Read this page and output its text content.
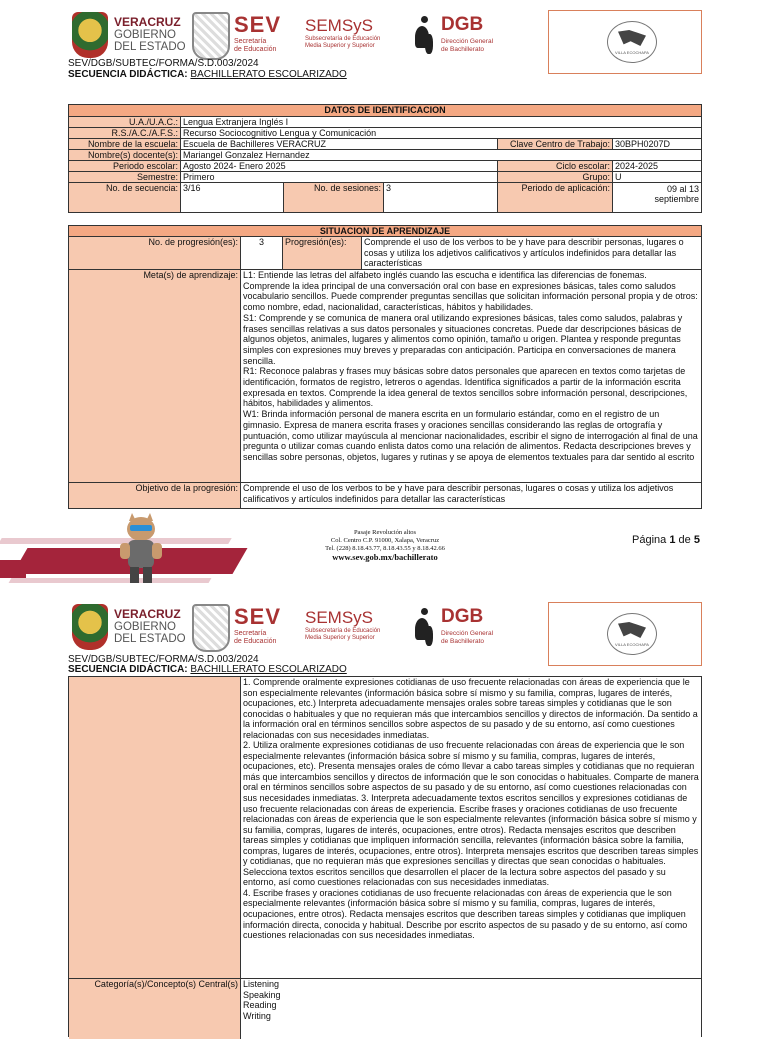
VERACRUZ
GOBIERNO
DEL ESTADO
SEV
Secretaría
de Educación
SEMSyS
Subsecretaría de Educación
Media Superior y Superior
DGB
Dirección General
de Bachillerato	VILLA ECOCHAPA
SEV/DGB/SUBTEC/FORMA/S.D.003/2024
SECUENCIA DIDÁCTICA: BACHILLERATO ESCOLARIZADO
DATOS DE IDENTIFICACION
U.A./U.A.C.: Lengua Extranjera Inglés I
R.S./A.C./A.F.S.: Recurso Sociocognitivo Lengua y Comunicación
Nombre de la escuela: Escuela de Bachilleres VERACRUZ	Clave Centro de Trabajo: 30BPH0207D
Nombre(s) docente(s): Mariangel Gonzalez Hernandez
Periodo escolar: Agosto 2024- Enero 2025	Ciclo escolar: 2024-2025
Semestre: Primero	Grupo: U
No. de secuencia: 3/16	No. de sesiones: 3	Periodo de aplicación:	09 al 13
septiembre
SITUACION DE APRENDIZAJE
No. de progresión(es):	3	Progresión(es):	Comprende el uso de los verbos to be y have para describir personas, lugares o cosas y utiliza los adjetivos calificativos y artículos indefinidos para detallar las características
Meta(s) de aprendizaje: L1: Entiende las letras del alfabeto inglés cuando las escucha e identifica las diferencias de fonemas.
Comprende la idea principal de una conversación oral con base en expresiones básicas, tales como saludos vocabulario sencillos. Puede comprender preguntas sencillas que solicitan información personal propia y de otros: como nombre, edad, nacionalidad, características, hábitos y habilidades.
S1: Comprende y se comunica de manera oral utilizando expresiones básicas, tales como saludos, palabras y frases sencillas relativas a sus datos personales y situaciones concretas. Puede dar descripciones básicas de algunos objetos, animales, lugares y alimentos como opinión, tamaño u origen. Plantea y responde preguntas simples con expresiones muy breves y preparadas con anticipación. Participa en conversaciones de manera sencilla.
R1: Reconoce palabras y frases muy básicas sobre datos personales que aparecen en textos como tarjetas de identificación, formatos de registro, letreros o agendas. Identifica significados a partir de la información escrita expresada en textos. Comprende la idea general de textos sencillos sobre información personal, descripciones, hábitos, habilidades y alimentos.
W1: Brinda información personal de manera escrita en un formulario estándar, como en el registro de un gimnasio. Expresa de manera escrita frases y oraciones sencillas considerando las reglas de ortografía y puntuación, como utilizar mayúscula al mencionar nacionalidades, escribir el signo de interrogación al final de una pregunta o utilizar comas cuando enlista datos como una relación de alimentos. Redacta descripciones breves y sencillas sobre personas, objetos, lugares y rutinas y se apoya de elementos textuales para dar sentido al escrito
Objetivo de la progresión: Comprende el uso de los verbos to be y have para describir personas, lugares o cosas y utiliza los adjetivos calificativos y artículos indefinidos para detallar las características
Pasaje Revolución altos
Col. Centro C.P. 91000, Xalapa, Veracruz
Tel. (228) 8.18.43.77, 8.18.43.55 y 8.18.42.66
www.sev.gob.mx/bachillerato
Página 1 de 5
VERACRUZ
GOBIERNO
DEL ESTADO
SEV
Secretaría
de Educación
SEMSyS
Subsecretaría de Educación
Media Superior y Superior
DGB
Dirección General
de Bachillerato	VILLA ECOCHAPA
SEV/DGB/SUBTEC/FORMA/S.D.003/2024
SECUENCIA DIDÁCTICA: BACHILLERATO ESCOLARIZADO
1. Comprende oralmente expresiones cotidianas de uso frecuente relacionadas con áreas de experiencia que le son especialmente relevantes (información básica sobre sí mismo y su familia, compras, lugares de interés, ocupaciones, etc.) Interpreta adecuadamente mensajes orales sobre tareas simples y cotidianas que le son conocidas o habituales y que no requieran más que intercambios sencillos y directos de información. Da sentido a la información oral en términos sencillos sobre aspectos de su pasado y de su entorno, así como cuestiones relacionadas con sus necesidades inmediatas.
2. Utiliza oralmente expresiones cotidianas de uso frecuente relacionadas con áreas de experiencia que le son especialmente relevantes (información básica sobre sí mismo y su familia, compras, lugares de interés, ocupaciones, etc). Presenta mensajes orales de cómo llevar a cabo tareas simples y cotidianas que no requieran más que intercambios sencillos y directos de información que le son conocidas o habituales. Comparte de manera oral en términos sencillos sobre aspectos de su pasado y de su entorno, así como cuestiones relacionadas con sus necesidades inmediatas. 3. Interpreta adecuadamente textos escritos sencillos y expresiones cotidianas de uso frecuente relacionadas con áreas de experiencia. Escribe frases y oraciones cotidianas de uso frecuente relacionadas con áreas de experiencia que le son especialmente relevantes (información básica sobre sí mismo y su familia, compras, lugares de interés, ocupaciones, entre otros). Redacta mensajes escritos que describen tareas simples y cotidianas que impliquen información sencilla, relevantes (información básica sobre la familia, compras, lugares de interés, ocupaciones, entre otros). Interpreta mensajes escritos que describen tareas simples y cotidianas, que no requieran más que expresiones sencillas y directas que sean conocidas o habituales. Selecciona textos escritos sencillos que desarrollen el placer de la lectura sobre aspectos del pasado y su entorno, así como cuestiones relacionadas con sus necesidades inmediatas.
4. Escribe frases y oraciones cotidianas de uso frecuente relacionadas con áreas de experiencia que le son especialmente relevantes (información básica sobre sí mismo y su familia, compras, lugares de interés, ocupaciones, entre otros). Redacta mensajes escritos que describen tareas simples y cotidianas que impliquen información directa, conocida y habitual. Describe por escrito aspectos de su pasado y de su entorno, así como cuestiones relacionadas con sus necesidades inmediatas.
Categoría(s)/Concepto(s) Central(s) Listening
Speaking
Reading
Writing
